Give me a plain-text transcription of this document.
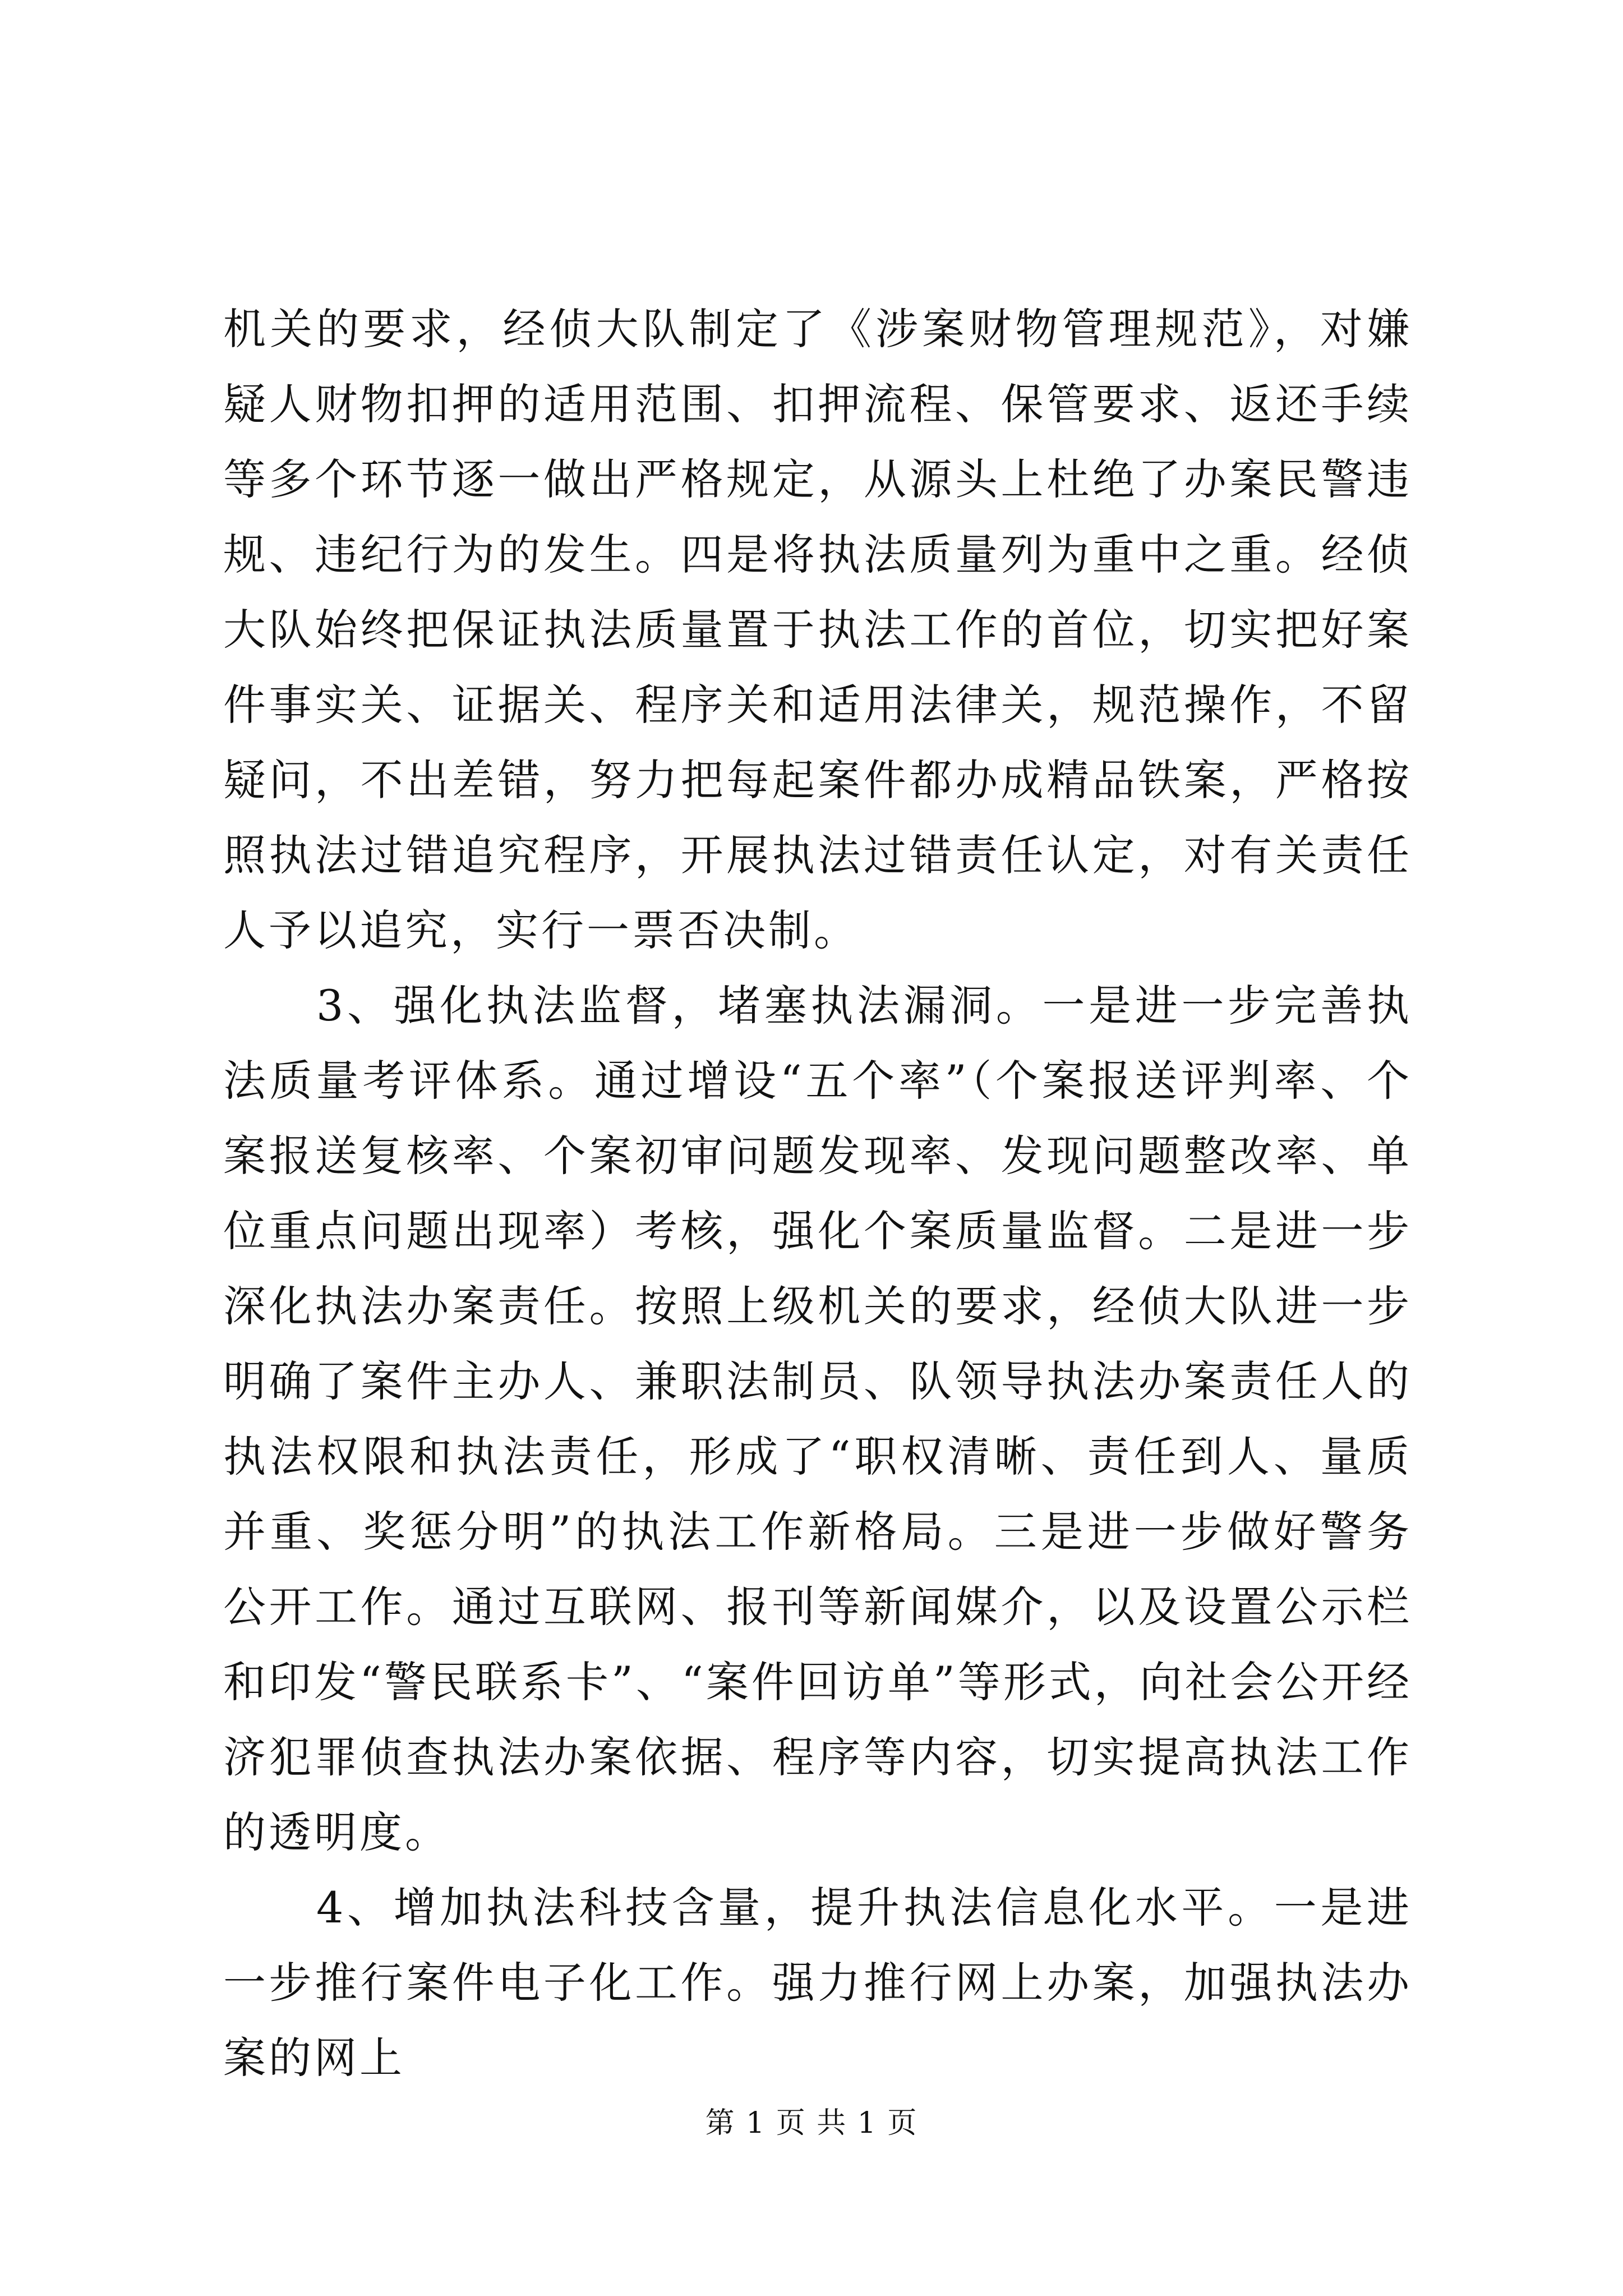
机关的要求，经侦大队制定了《涉案财物管理规范》，对嫌疑人财物扣押的适用范围、扣押流程、保管要求、返还手续等多个环节逐一做出严格规定，从源头上杜绝了办案民警违规、违纪行为的发生。四是将执法质量列为重中之重。经侦大队始终把保证执法质量置于执法工作的首位，切实把好案件事实关、证据关、程序关和适用法律关，规范操作，不留疑问，不出差错，努力把每起案件都办成精品铁案，严格按照执法过错追究程序，开展执法过错责任认定，对有关责任人予以追究，实行一票否决制。

3、强化执法监督，堵塞执法漏洞。一是进一步完善执法质量考评体系。通过增设“五个率”（个案报送评判率、个案报送复核率、个案初审问题发现率、发现问题整改率、单位重点问题出现率）考核，强化个案质量监督。二是进一步深化执法办案责任。按照上级机关的要求，经侦大队进一步明确了案件主办人、兼职法制员、队领导执法办案责任人的执法权限和执法责任，形成了“职权清晰、责任到人、量质并重、奖惩分明”的执法工作新格局。三是进一步做好警务公开工作。通过互联网、报刊等新闻媒介，以及设置公示栏和印发“警民联系卡”、“案件回访单”等形式，向社会公开经济犯罪侦查执法办案依据、程序等内容，切实提高执法工作的透明度。

4、增加执法科技含量，提升执法信息化水平。一是进一步推行案件电子化工作。强力推行网上办案，加强执法办案的网上

第 1 页 共 1 页
